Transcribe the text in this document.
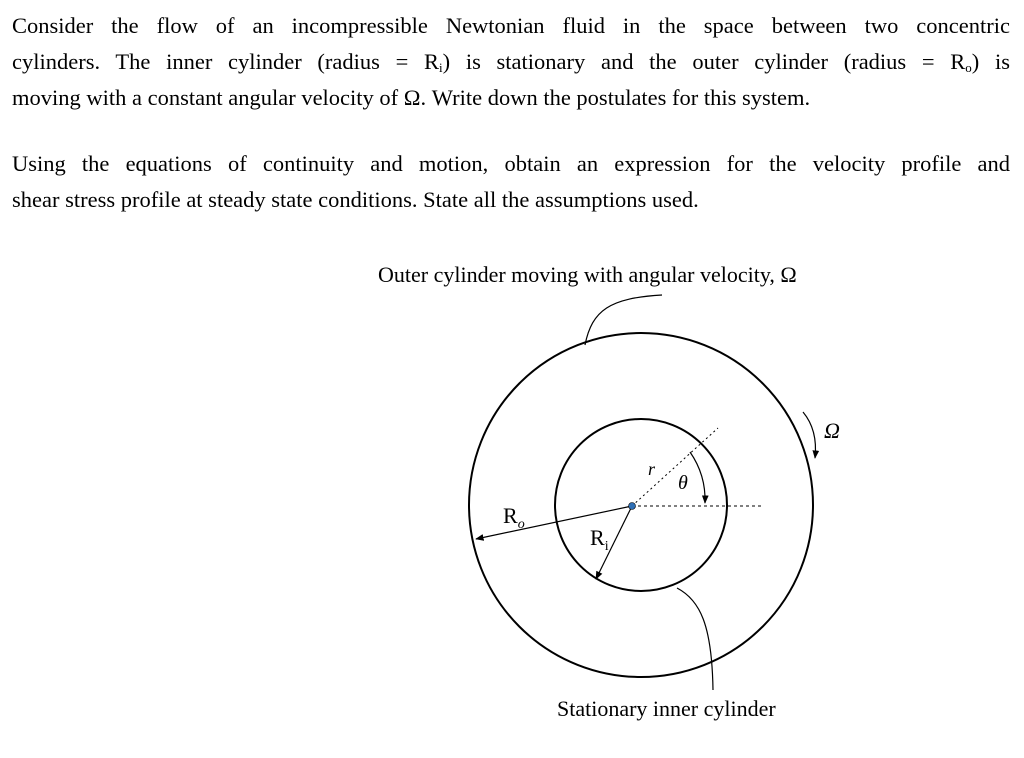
Consider the flow of an incompressible Newtonian fluid in the space between two concentric
cylinders. The inner cylinder (radius = $R_i$) is stationary and the outer cylinder (radius = $R_o$) is
moving with a constant angular velocity of Ω. Write down the postulates for this system.
Using the equations of continuity and motion, obtain an expression for the velocity profile and
shear stress profile at steady state conditions. State all the assumptions used.
Outer cylinder moving with angular velocity, Ω
Ω
θ
r
$R_o$
$R_i$
Stationary inner cylinder
